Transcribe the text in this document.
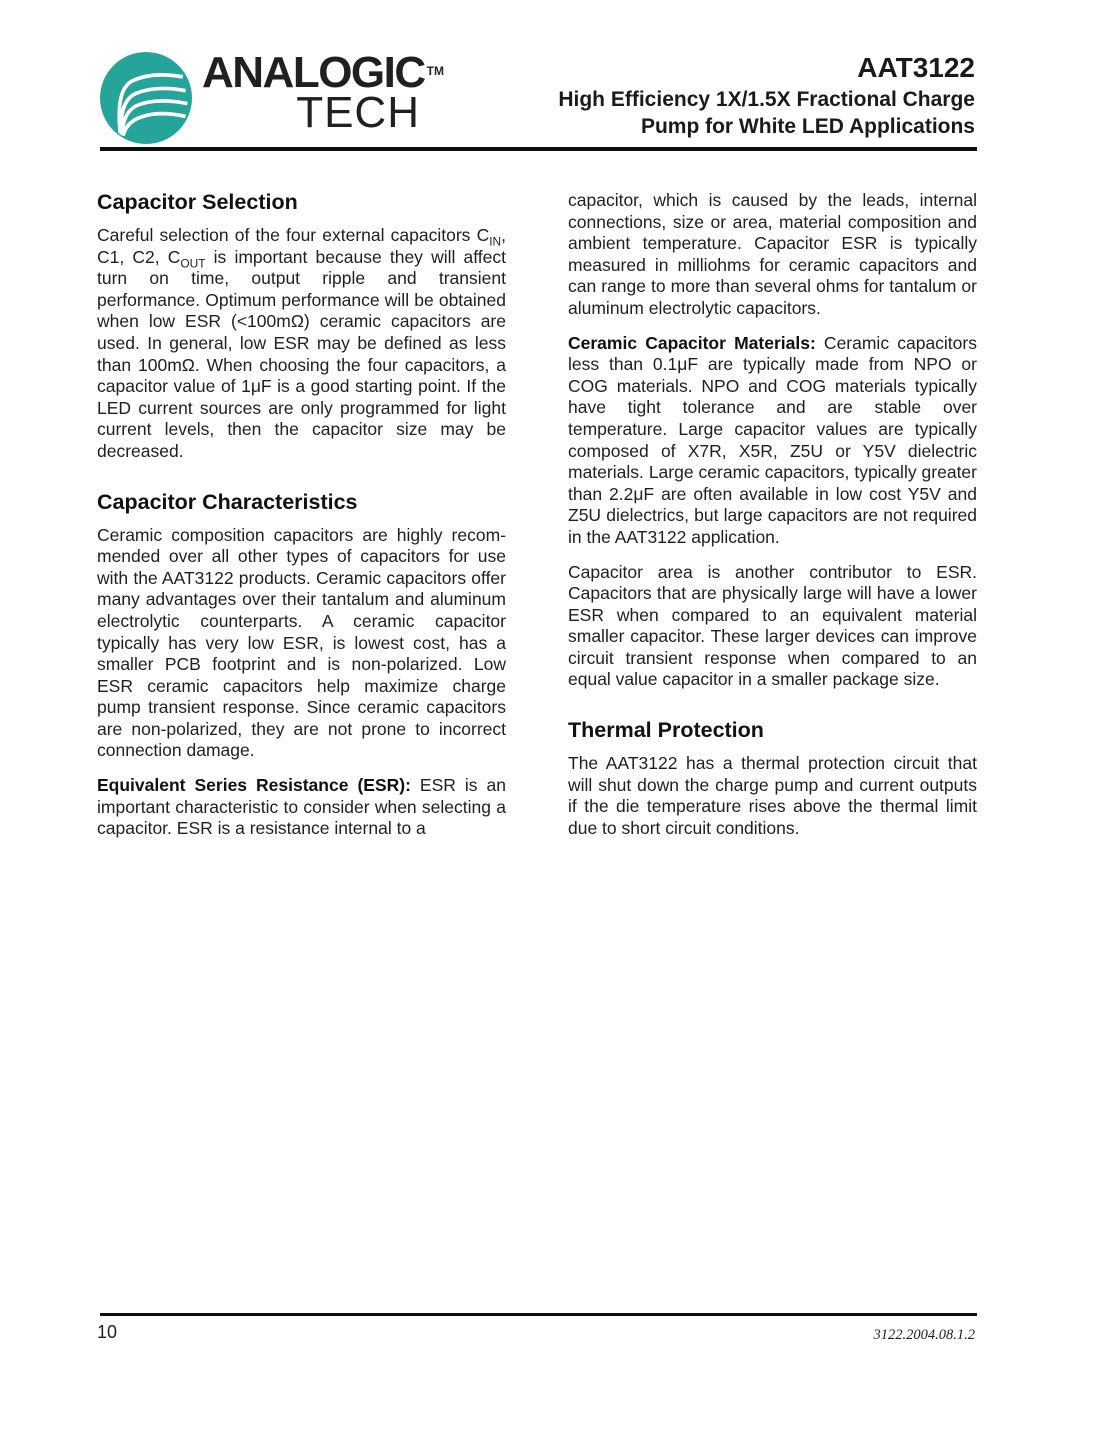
ANALOGIC ™
TECH
AAT3122
High Efficiency 1X/1.5X Fractional Charge
Pump for White LED Applications
Capacitor Selection

Careful selection of the four external capacitors $C_{IN}$, C1, C2, $C_{OUT}$ is important because they will affect turn on time, output ripple and transient performance. Optimum performance will be obtained when low ESR (<100mΩ) ceramic capacitors are used. In general, low ESR may be defined as less than 100mΩ. When choosing the four capacitors, a capacitor value of 1μF is a good starting point. If the LED current sources are only programmed for light current levels, then the capacitor size may be decreased.

Capacitor Characteristics

Ceramic composition capacitors are highly recommended over all other types of capacitors for use with the AAT3122 products. Ceramic capacitors offer many advantages over their tantalum and aluminum electrolytic counterparts. A ceramic capacitor typically has very low ESR, is lowest cost, has a smaller PCB footprint and is non-polarized. Low ESR ceramic capacitors help maximize charge pump transient response. Since ceramic capacitors are non-polarized, they are not prone to incorrect connection damage.

Equivalent Series Resistance (ESR): ESR is an important characteristic to consider when selecting a capacitor. ESR is a resistance internal to a

capacitor, which is caused by the leads, internal connections, size or area, material composition and ambient temperature. Capacitor ESR is typically measured in milliohms for ceramic capacitors and can range to more than several ohms for tantalum or aluminum electrolytic capacitors.

Ceramic Capacitor Materials: Ceramic capacitors less than 0.1μF are typically made from NPO or COG materials. NPO and COG materials typically have tight tolerance and are stable over temperature. Large capacitor values are typically composed of X7R, X5R, Z5U or Y5V dielectric materials. Large ceramic capacitors, typically greater than 2.2μF are often available in low cost Y5V and Z5U dielectrics, but large capacitors are not required in the AAT3122 application.

Capacitor area is another contributor to ESR. Capacitors that are physically large will have a lower ESR when compared to an equivalent material smaller capacitor. These larger devices can improve circuit transient response when compared to an equal value capacitor in a smaller package size.

Thermal Protection

The AAT3122 has a thermal protection circuit that will shut down the charge pump and current outputs if the die temperature rises above the thermal limit due to short circuit conditions.

10	3122.2004.08.1.2
